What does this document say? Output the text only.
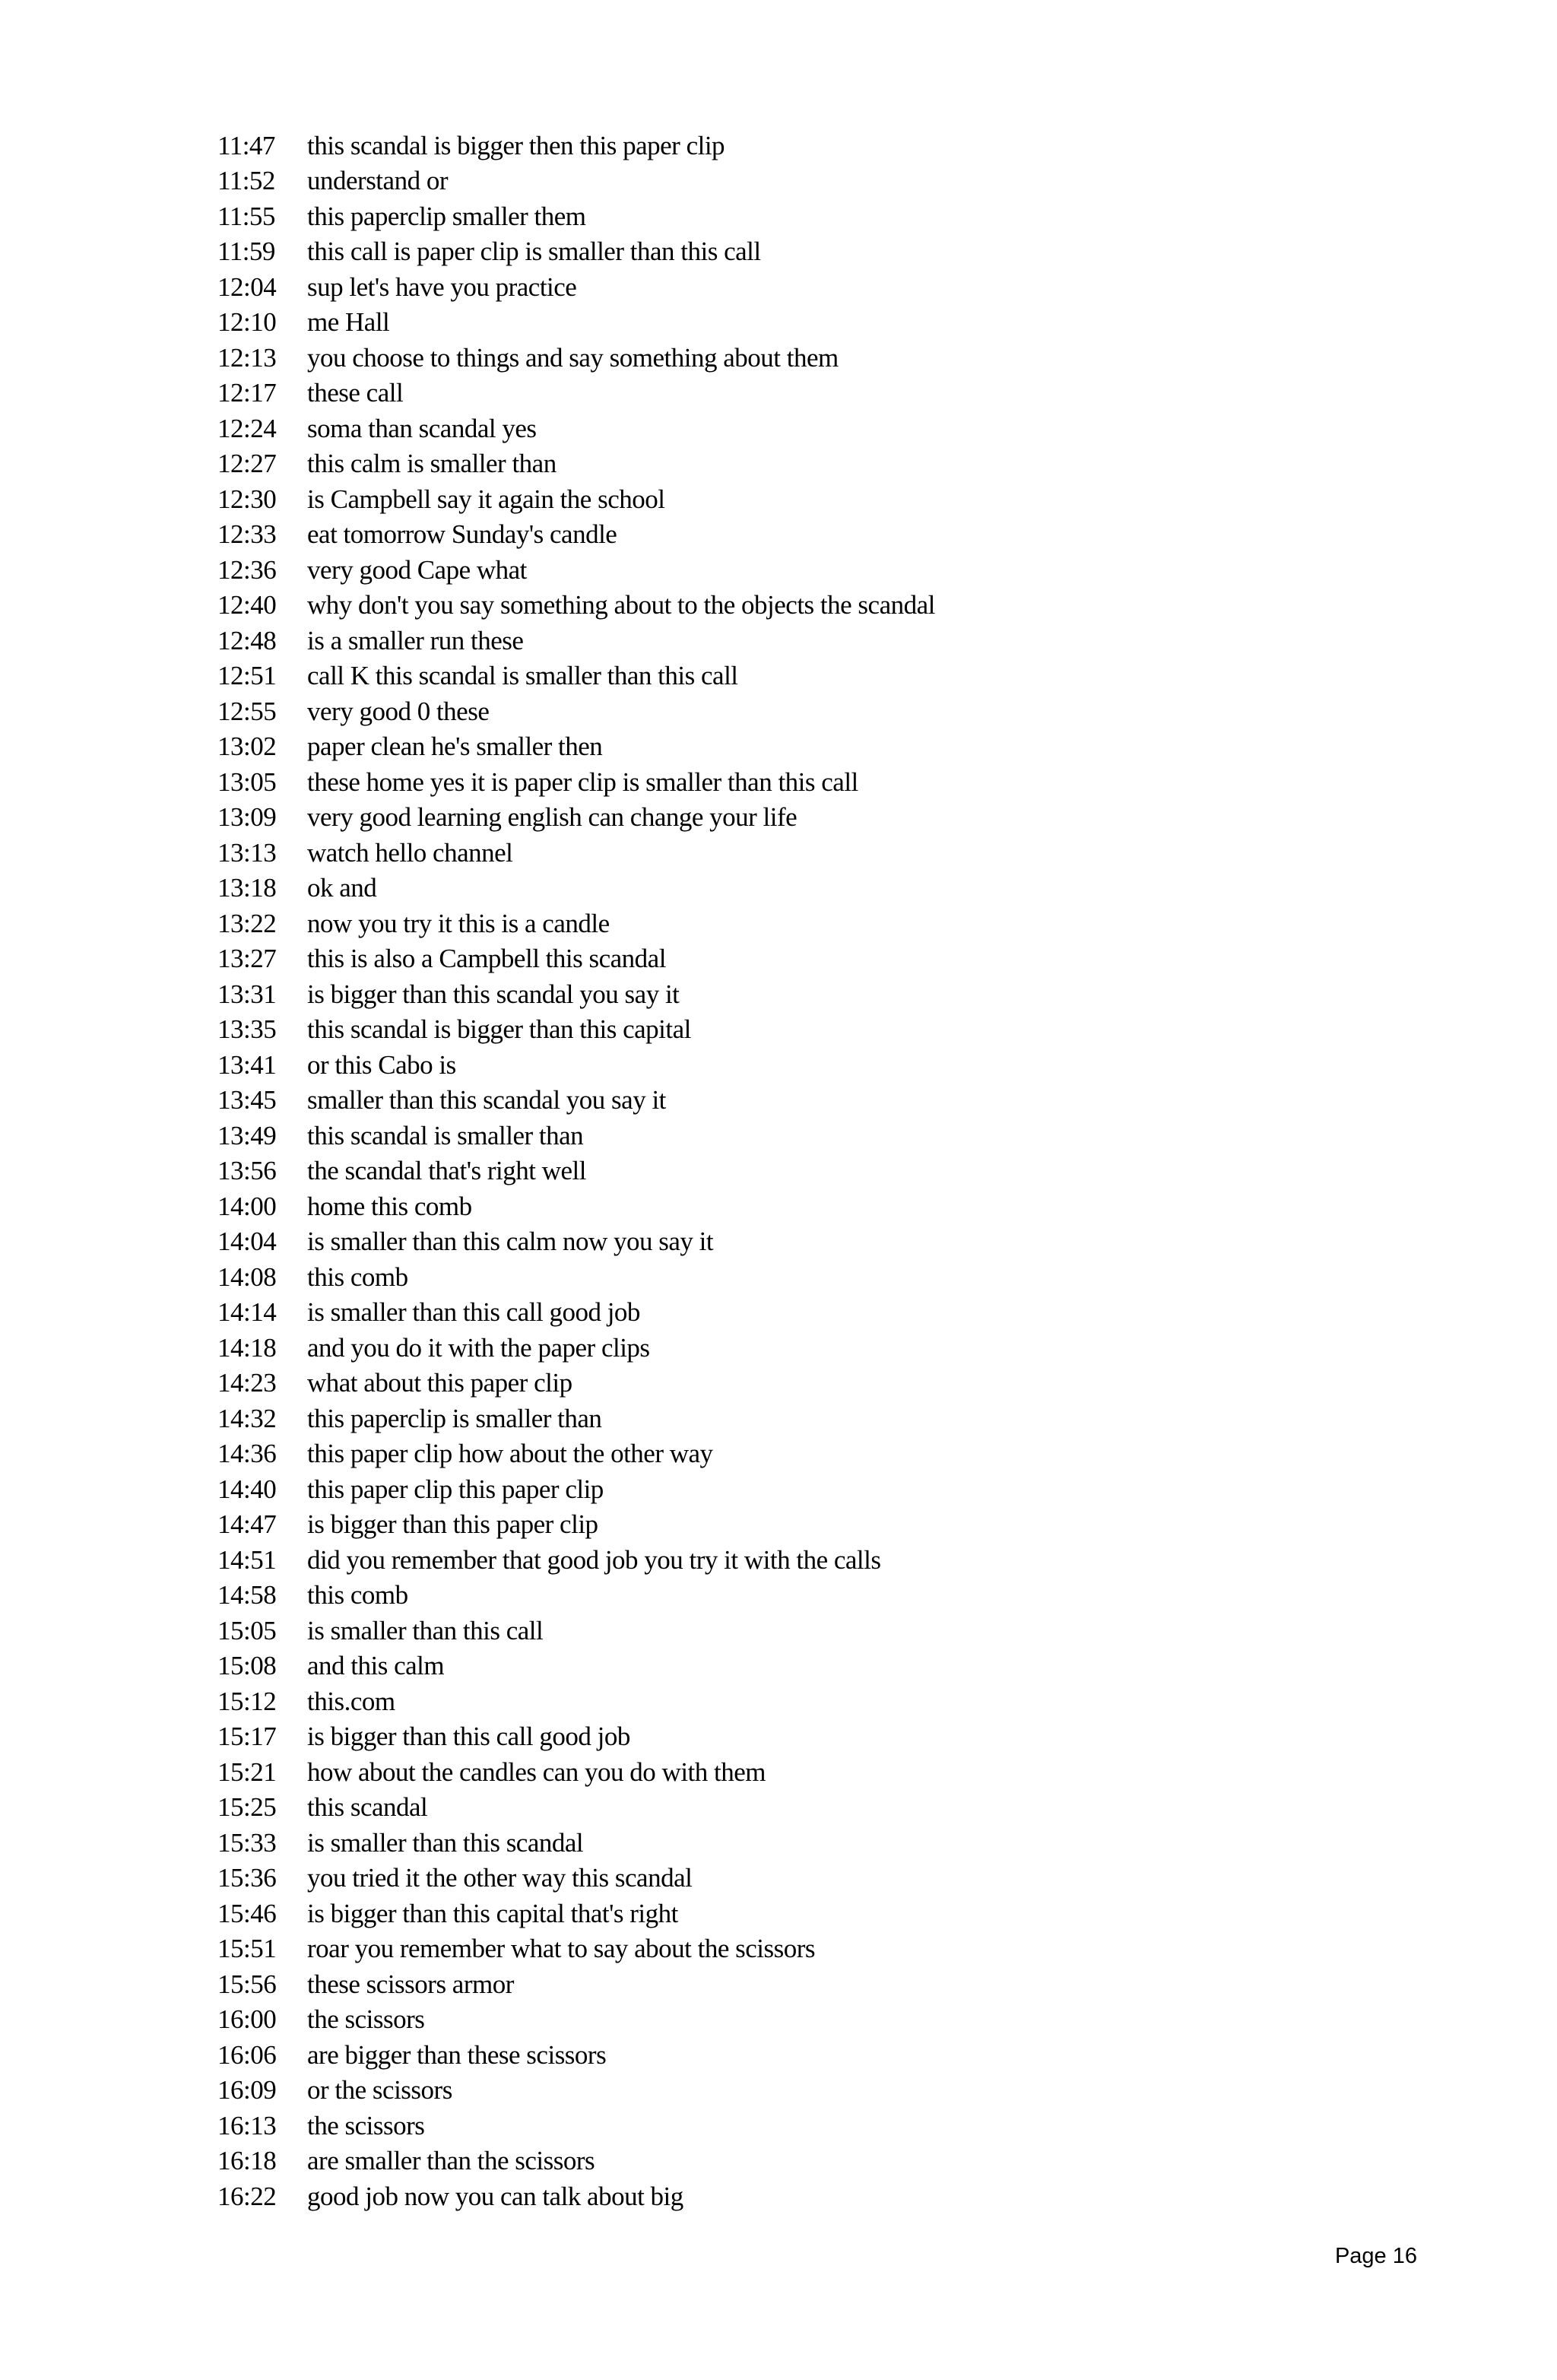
11:47	this scandal is bigger then this paper clip
11:52	understand or
11:55	this paperclip smaller them
11:59	this call is paper clip is smaller than this call
12:04	sup let's have you practice
12:10	me Hall
12:13	you choose to things and say something about them
12:17	these call
12:24	soma than scandal yes
12:27	this calm is smaller than
12:30	is Campbell say it again the school
12:33	eat tomorrow Sunday's candle
12:36	very good Cape what
12:40	why don't you say something about to the objects the scandal
12:48	is a smaller run these
12:51	call K this scandal is smaller than this call
12:55	very good 0 these
13:02	paper clean he's smaller then
13:05	these home yes it is paper clip is smaller than this call
13:09	very good learning english can change your life
13:13	watch hello channel
13:18	ok and
13:22	now you try it this is a candle
13:27	this is also a Campbell this scandal
13:31	is bigger than this scandal you say it
13:35	this scandal is bigger than this capital
13:41	or this Cabo is
13:45	smaller than this scandal you say it
13:49	this scandal is smaller than
13:56	the scandal that's right well
14:00	home this comb
14:04	is smaller than this calm now you say it
14:08	this comb
14:14	is smaller than this call good job
14:18	and you do it with the paper clips
14:23	what about this paper clip
14:32	this paperclip is smaller than
14:36	this paper clip how about the other way
14:40	this paper clip this paper clip
14:47	is bigger than this paper clip
14:51	did you remember that good job you try it with the calls
14:58	this comb
15:05	is smaller than this call
15:08	and this calm
15:12	this.com
15:17	is bigger than this call good job
15:21	how about the candles can you do with them
15:25	this scandal
15:33	is smaller than this scandal
15:36	you tried it the other way this scandal
15:46	is bigger than this capital that's right
15:51	roar you remember what to say about the scissors
15:56	these scissors armor
16:00	the scissors
16:06	are bigger than these scissors
16:09	or the scissors
16:13	the scissors
16:18	are smaller than the scissors
16:22	good job now you can talk about big
Page 16
